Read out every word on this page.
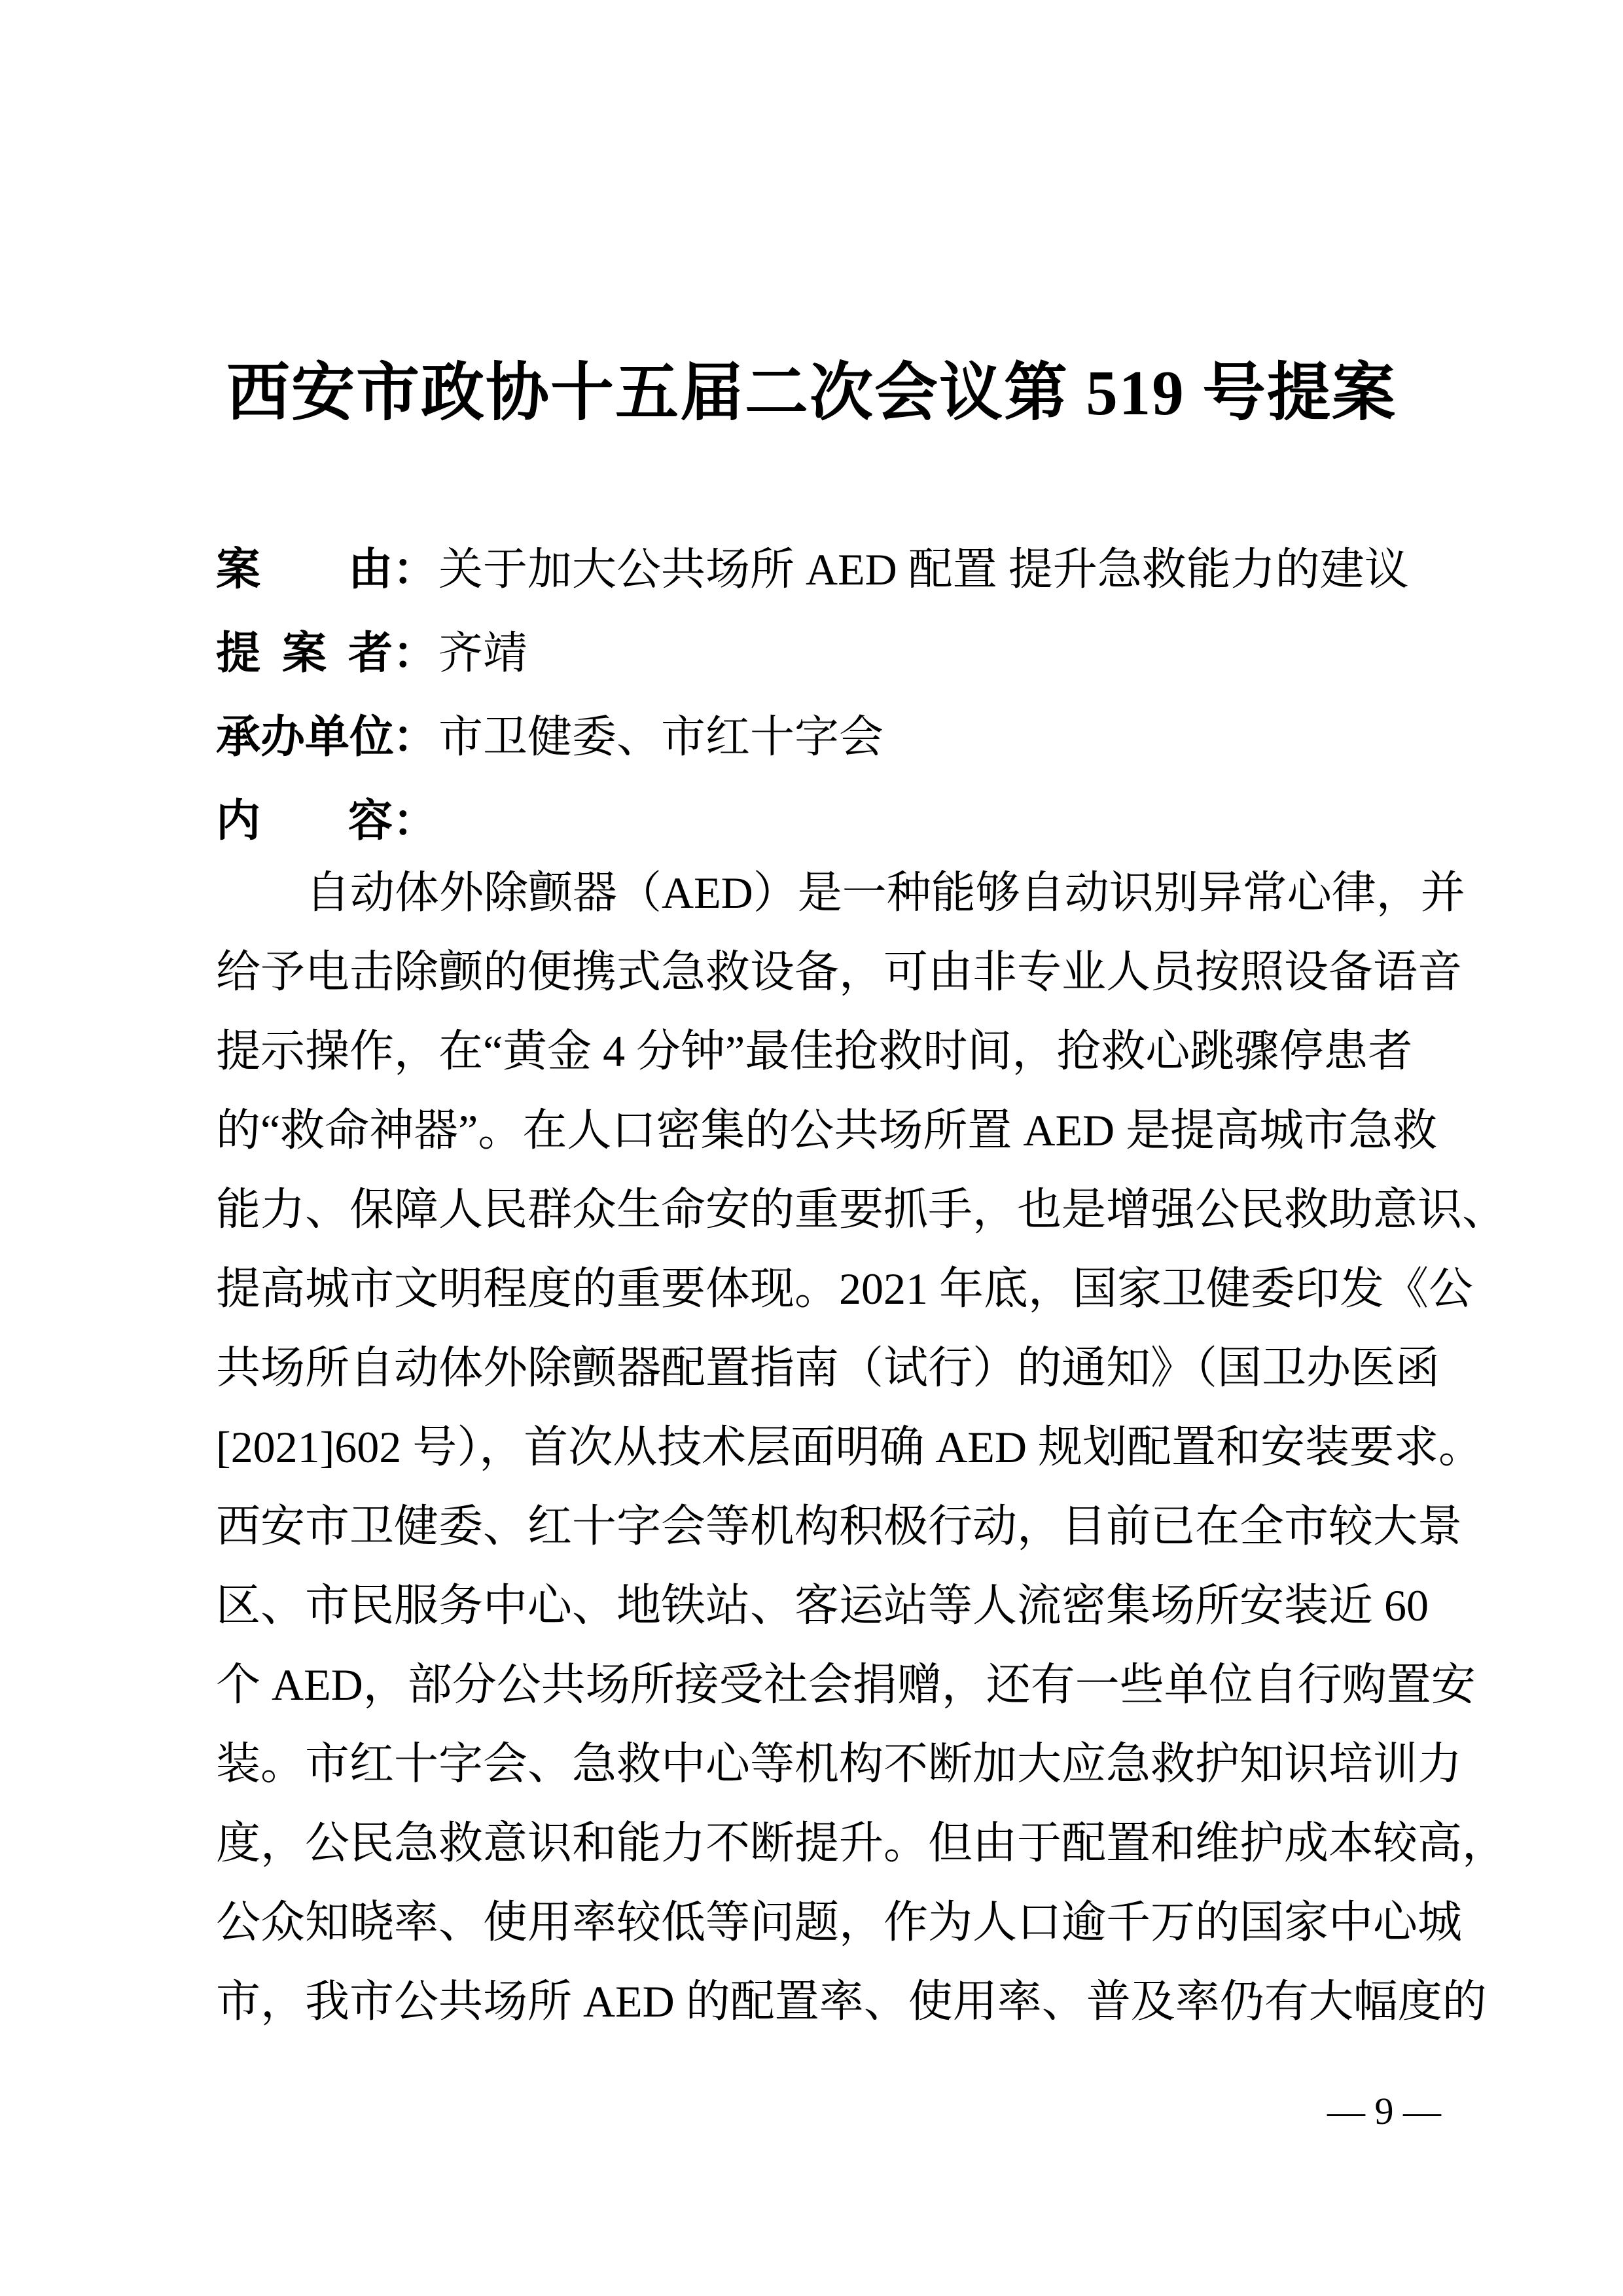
西安市政协十五届二次会议第 519 号提案
案由 ： 关于加大公共场所 AED 配置 提升急救能力的建议
提案者 ： 齐靖
承办单位
： 市卫健委、市红十字会
内容 ：
自动体外除颤器（AED）是一种能够自动识别异常心律，并
给予电击除颤的便携式急救设备，可由非专业人员按照设备语音
提示操作，在“黄金 4 分钟”最佳抢救时间，抢救心跳骤停患者
的“救命神器”。在人口密集的公共场所置 AED 是提高城市急救
能力、保障人民群众生命安的重要抓手，也是增强公民救助意识、
提高城市文明程度的重要体现。2021 年底，国家卫健委印发《公
共场所自动体外除颤器配置指南（试行）的通知》（国卫办医函
[2021]602 号），首次从技术层面明确 AED 规划配置和安装要求。
西安市卫健委、红十字会等机构积极行动，目前已在全市较大景
区、市民服务中心、地铁站、客运站等人流密集场所安装近 60
个 AED，部分公共场所接受社会捐赠，还有一些单位自行购置安
装。市红十字会、急救中心等机构不断加大应急救护知识培训力
度，公民急救意识和能力不断提升。但由于配置和维护成本较高，
公众知晓率、使用率较低等问题，作为人口逾千万的国家中心城
市，我市公共场所 AED 的配置率、使用率、普及率仍有大幅度的
— 9 —
